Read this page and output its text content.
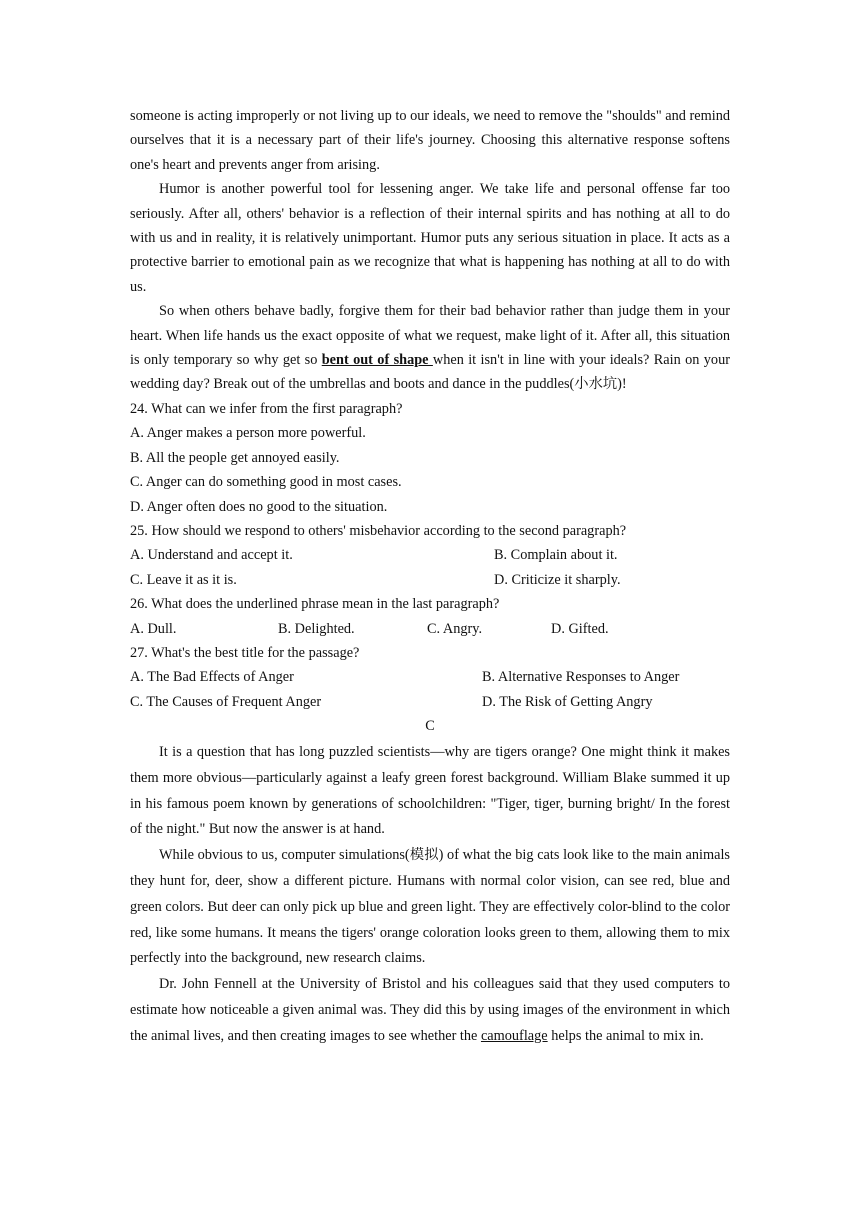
someone is acting improperly or not living up to our ideals, we need to remove the "shoulds" and remind ourselves that it is a necessary part of their life's journey. Choosing this alternative response softens one's heart and prevents anger from arising.

Humor is another powerful tool for lessening anger. We take life and personal offense far too seriously. After all, others' behavior is a reflection of their internal spirits and has nothing at all to do with us and in reality, it is relatively unimportant. Humor puts any serious situation in place. It acts as a protective barrier to emotional pain as we recognize that what is happening has nothing at all to do with us.

So when others behave badly, forgive them for their bad behavior rather than judge them in your heart. When life hands us the exact opposite of what we request, make light of it. After all, this situation is only temporary so why get so bent out of shape when it isn't in line with your ideals? Rain on your wedding day? Break out of the umbrellas and boots and dance in the puddles(小水坑)!

24. What can we infer from the first paragraph?

A. Anger makes a person more powerful.

B. All the people get annoyed easily.

C. Anger can do something good in most cases.

D. Anger often does no good to the situation.

25. How should we respond to others' misbehavior according to the second paragraph?

A. Understand and accept it.	B. Complain about it.
C. Leave it as it is.	D. Criticize it sharply.

26. What does the underlined phrase mean in the last paragraph?

A. Dull.	B. Delighted.	C. Angry.	D. Gifted.

27. What's the best title for the passage?

A. The Bad Effects of Anger	B. Alternative Responses to Anger
C. The Causes of Frequent Anger	D. The Risk of Getting Angry

C

It is a question that has long puzzled scientists—why are tigers orange? One might think it makes them more obvious—particularly against a leafy green forest background. William Blake summed it up in his famous poem known by generations of schoolchildren: "Tiger, tiger, burning bright/ In the forest of the night." But now the answer is at hand.

While obvious to us, computer simulations(模拟) of what the big cats look like to the main animals they hunt for, deer, show a different picture. Humans with normal color vision, can see red, blue and green colors. But deer can only pick up blue and green light. They are effectively color-blind to the color red, like some humans. It means the tigers' orange coloration looks green to them, allowing them to mix perfectly into the background, new research claims.

Dr. John Fennell at the University of Bristol and his colleagues said that they used computers to estimate how noticeable a given animal was. They did this by using images of the environment in which the animal lives, and then creating images to see whether the camouflage helps the animal to mix in.
